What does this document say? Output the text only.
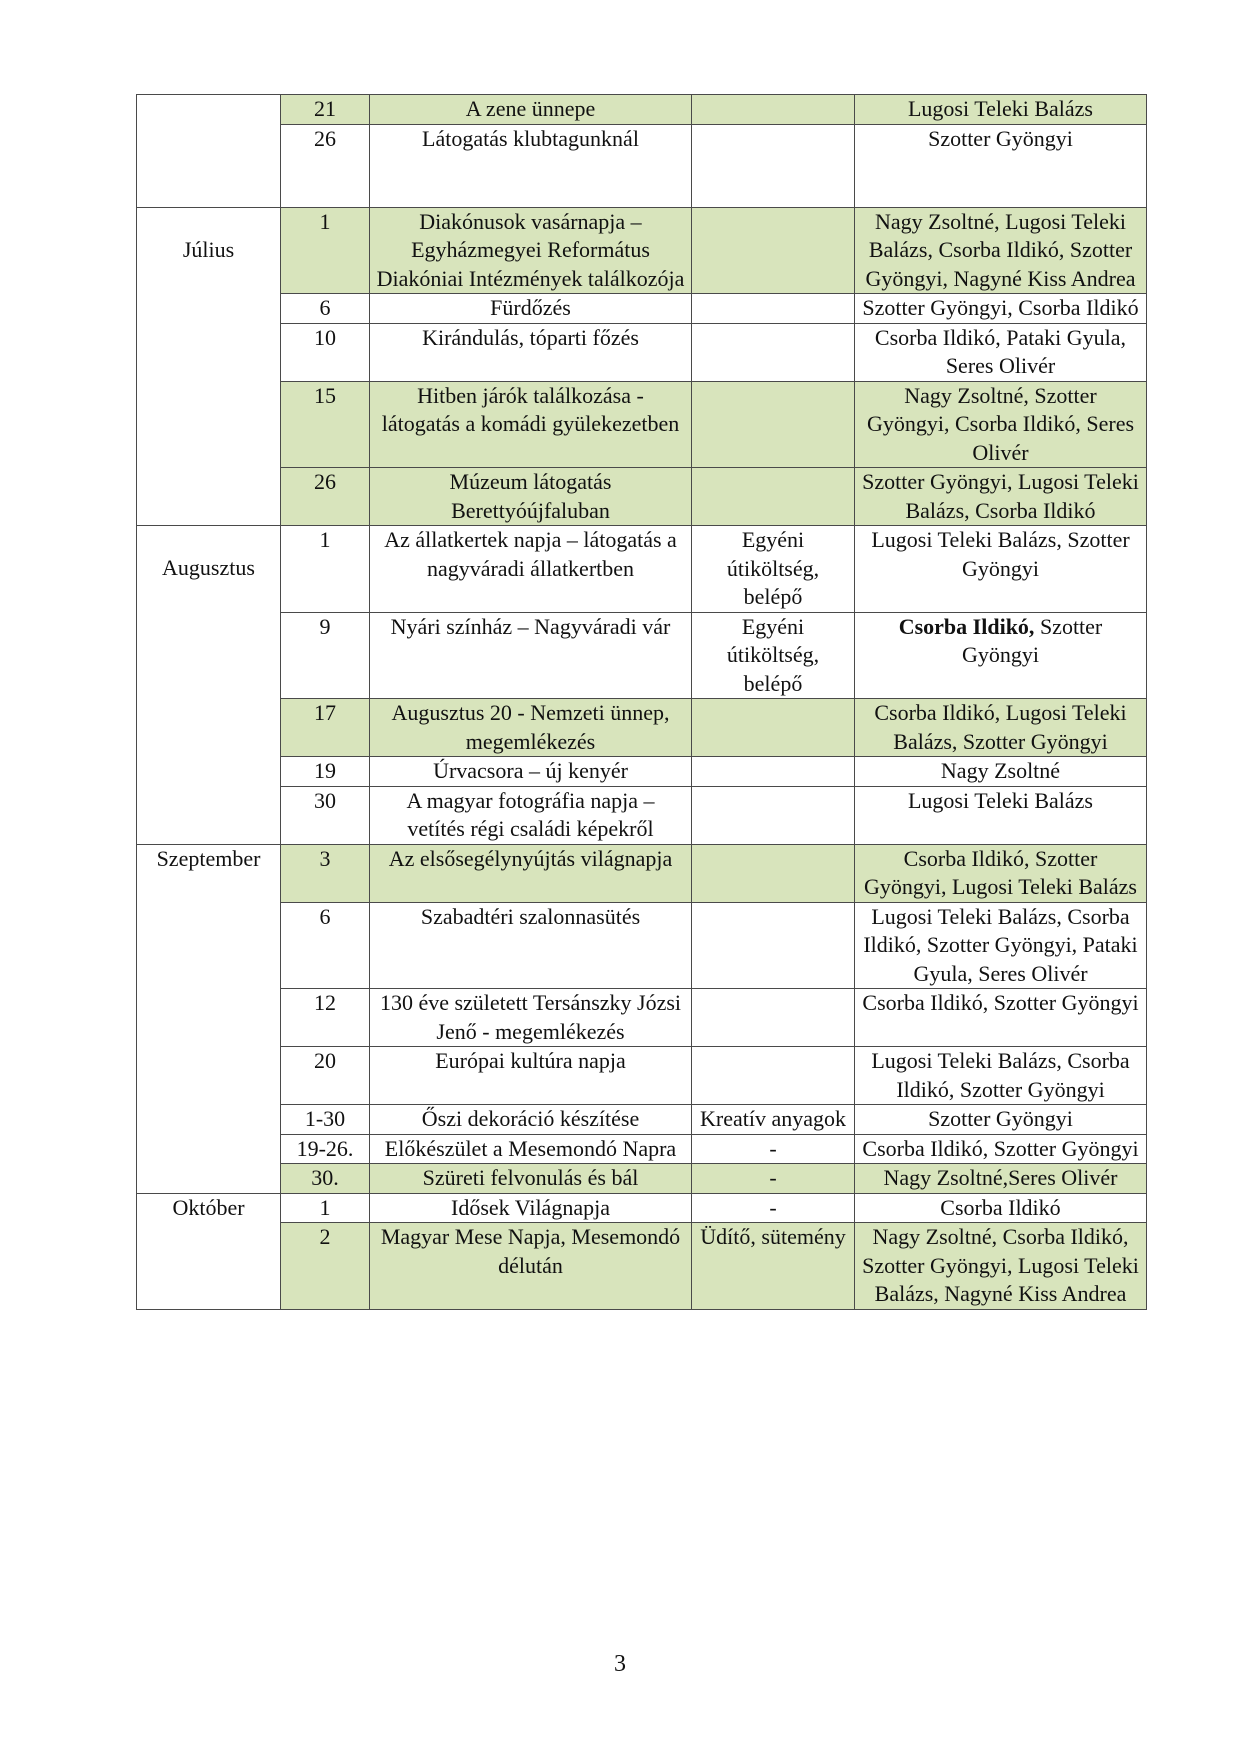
	21	A zene ünnepe		Lugosi Teleki Balázs
	26	Látogatás klubtagunknál		Szotter Gyöngyi

Július	1	Diakónusok vasárnapja – Egyházmegyei Református Diakóniai Intézmények találkozója		Nagy Zsoltné, Lugosi Teleki Balázs, Csorba Ildikó, Szotter Gyöngyi, Nagyné Kiss Andrea
	6	Fürdőzés		Szotter Gyöngyi, Csorba Ildikó
	10	Kirándulás, tóparti főzés		Csorba Ildikó, Pataki Gyula, Seres Olivér
	15	Hitben járók találkozása - látogatás a komádi gyülekezetben		Nagy Zsoltné, Szotter Gyöngyi, Csorba Ildikó, Seres Olivér
	26	Múzeum látogatás Berettyóújfaluban		Szotter Gyöngyi, Lugosi Teleki Balázs, Csorba Ildikó

Augusztus	1	Az állatkertek napja – látogatás a nagyváradi állatkertben	Egyéni útiköltség, belépő	Lugosi Teleki Balázs, Szotter Gyöngyi
	9	Nyári színház – Nagyváradi vár	Egyéni útiköltség, belépő	Csorba Ildikó, Szotter Gyöngyi
	17	Augusztus 20 - Nemzeti ünnep, megemlékezés		Csorba Ildikó, Lugosi Teleki Balázs, Szotter Gyöngyi
	19	Úrvacsora – új kenyér		Nagy Zsoltné
	30	A magyar fotográfia napja – vetítés régi családi képekről		Lugosi Teleki Balázs

Szeptember	3	Az elsősegélynyújtás világnapja		Csorba Ildikó, Szotter Gyöngyi, Lugosi Teleki Balázs
	6	Szabadtéri szalonnasütés		Lugosi Teleki Balázs, Csorba Ildikó, Szotter Gyöngyi, Pataki Gyula, Seres Olivér
	12	130 éve született Tersánszky Józsi Jenő - megemlékezés		Csorba Ildikó, Szotter Gyöngyi
	20	Európai kultúra napja		Lugosi Teleki Balázs, Csorba Ildikó, Szotter Gyöngyi
	1-30	Őszi dekoráció készítése	Kreatív anyagok	Szotter Gyöngyi
	19-26.	Előkészület a Mesemondó Napra	-	Csorba Ildikó, Szotter Gyöngyi
	30.	Szüreti felvonulás és bál	-	Nagy Zsoltné,Seres Olivér

Október	1	Idősek Világnapja	-	Csorba Ildikó
	2	Magyar Mese Napja, Mesemondó délután	Üdítő, sütemény	Nagy Zsoltné, Csorba Ildikó, Szotter Gyöngyi, Lugosi Teleki Balázs, Nagyné Kiss Andrea
3
